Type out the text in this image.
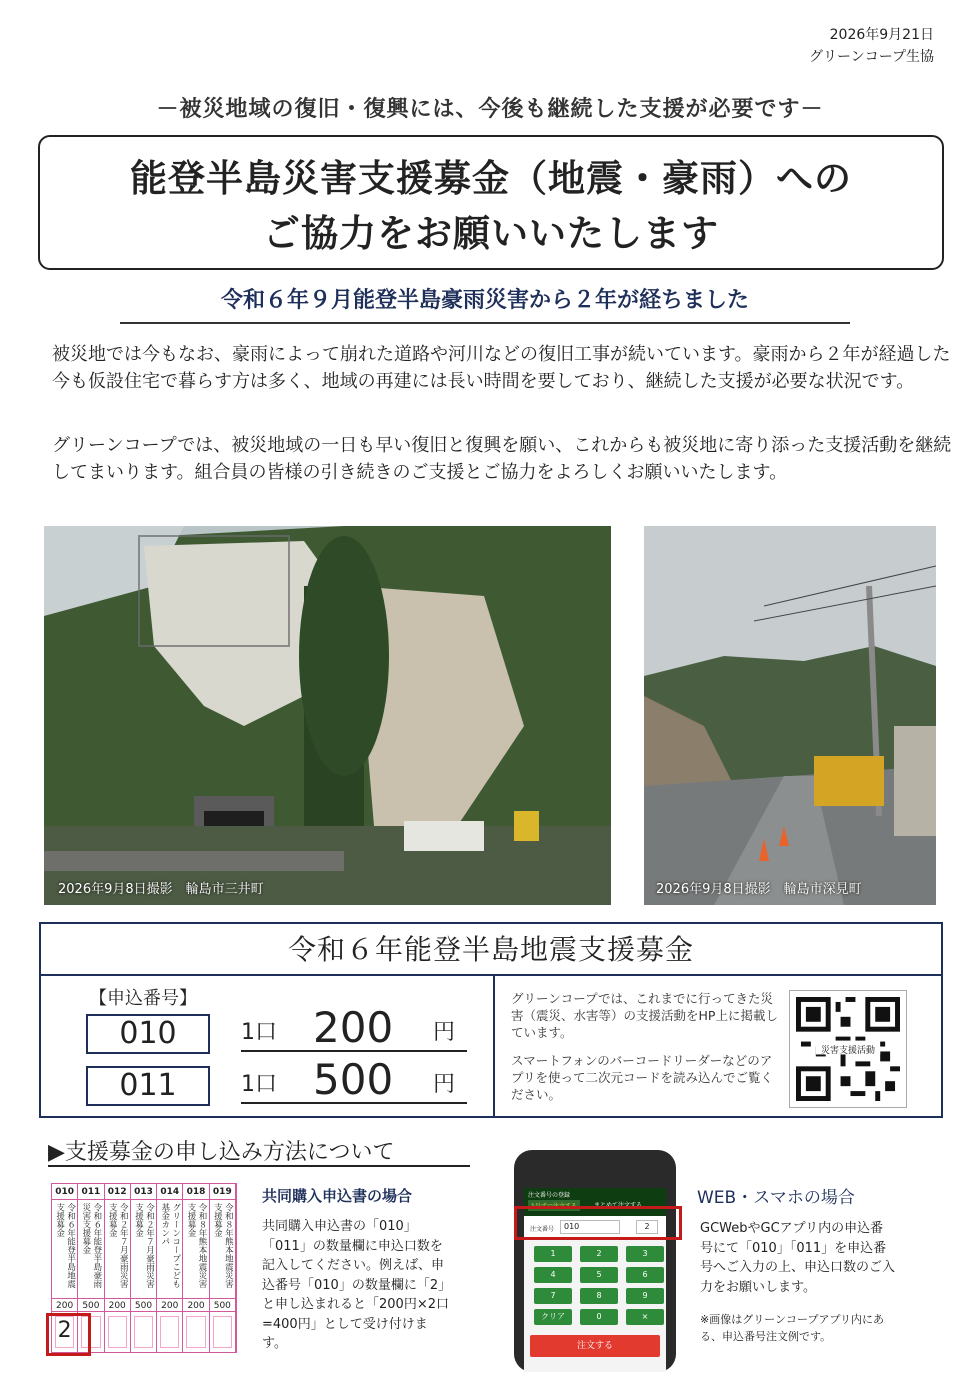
2026年9月21日
グリーンコープ生協
－被災地域の復旧・復興には、今後も継続した支援が必要です－
能登半島災害支援募金（地震・豪雨）への
ご協力をお願いいたします
令和６年９月能登半島豪雨災害から２年が経ちました
被災地では今もなお、豪雨によって崩れた道路や河川などの復旧工事が続いています。豪雨から２年が経過した今も仮設住宅で暮らす方は多く、地域の再建には長い時間を要しており、継続した支援が必要な状況です。
グリーンコープでは、被災地域の一日も早い復旧と復興を願い、これからも被災地に寄り添った支援活動を継続してまいります。組合員の皆様の引き続きのご支援とご協力をよろしくお願いいたします。
2026年9月8日撮影　輪島市三井町	2026年9月8日撮影　輪島市深見町
令和６年能登半島地震支援募金
【申込番号】
010	1口 200 円
011	1口 500 円
グリーンコープでは、これまでに行ってきた災害（震災、水害等）の支援活動をHP上に掲載しています。
スマートフォンのバーコードリーダーなどのアプリを使って二次元コードを読み込んでご覧ください。
災害支援活動
▶支援募金の申し込み方法について
010
令和６年能登半島地震支援募金
200
2
011
令和６年能登半島豪雨災害支援募金
500
012
令和２年７月豪雨災害支援募金
200
013
令和２年７月豪雨災害支援募金
500
014
グリーンコープこども基金カンパ
200
018
令和８年熊本地震災害支援募金
200
019
令和８年熊本地震災害支援募金
500
共同購入申込書の場合
共同購入申込書の「010」「011」の数量欄に申込口数を記入してください。例えば、申込番号「010」の数量欄に「2」と申し込まれると「200円×2口=400円」として受け付けます。
注文番号の登録
1品ずつ注文する	まとめて注文する
注文番号	010	2
1	2	3
4	5	6
7	8	9
クリア	0	×
注文する
WEB・スマホの場合
GCWebやGCアプリ内の申込番号にて「010」「011」を申込番号へご入力の上、申込口数のご入力をお願いします。
※画像はグリーンコープアプリ内にある、申込番号注文例です。
